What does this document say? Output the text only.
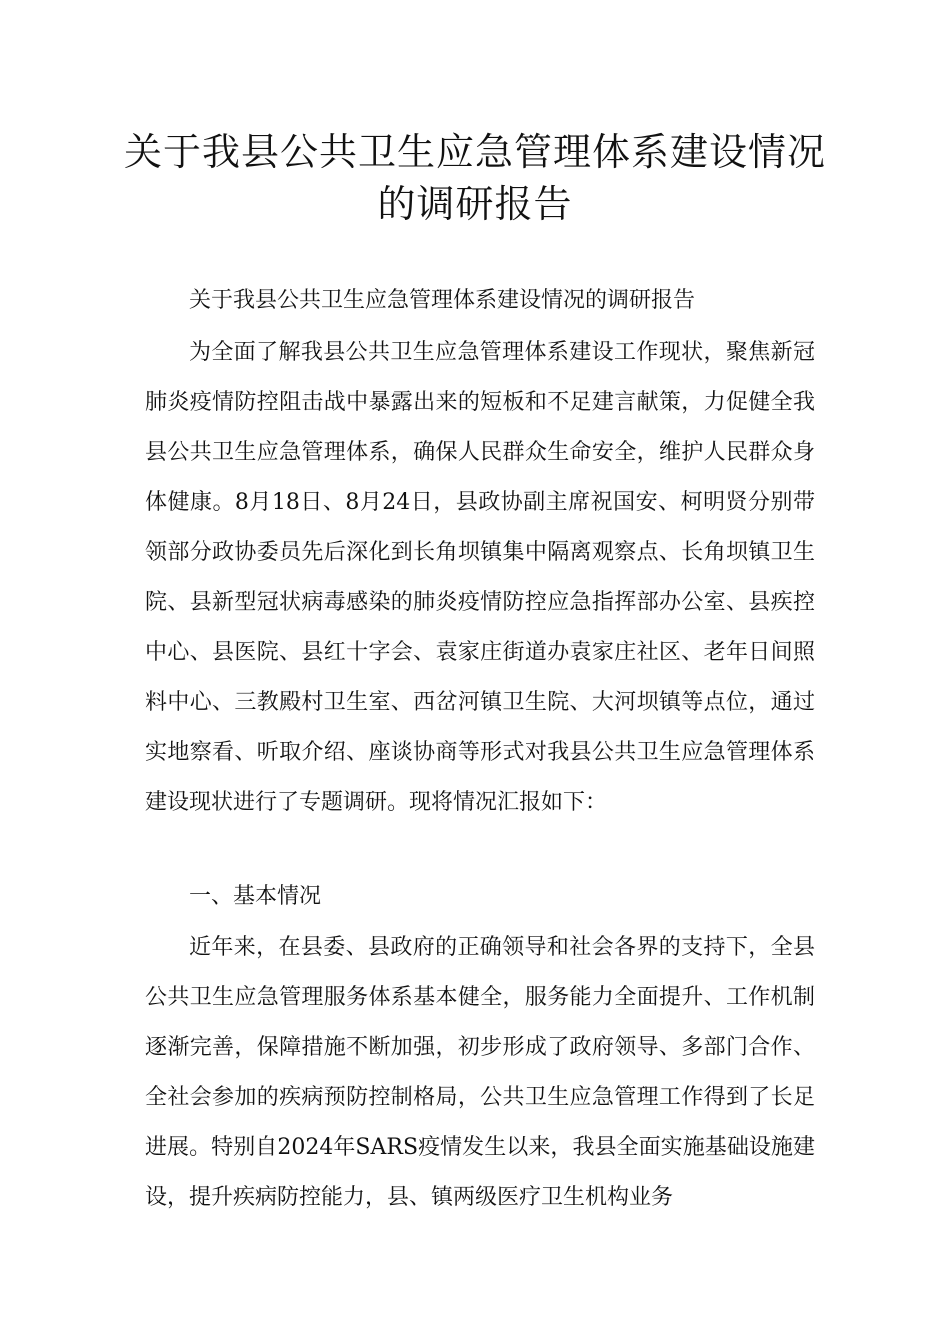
关于我县公共卫生应急管理体系建设情况的调研报告

关于我县公共卫生应急管理体系建设情况的调研报告

为全面了解我县公共卫生应急管理体系建设工作现状，聚焦新冠肺炎疫情防控阻击战中暴露出来的短板和不足建言献策，力促健全我县公共卫生应急管理体系，确保人民群众生命安全，维护人民群众身体健康。8月18日、8月24日，县政协副主席祝国安、柯明贤分别带领部分政协委员先后深化到长角坝镇集中隔离观察点、长角坝镇卫生院、县新型冠状病毒感染的肺炎疫情防控应急指挥部办公室、县疾控中心、县医院、县红十字会、袁家庄街道办袁家庄社区、老年日间照料中心、三教殿村卫生室、西岔河镇卫生院、大河坝镇等点位，通过实地察看、听取介绍、座谈协商等形式对我县公共卫生应急管理体系建设现状进行了专题调研。现将情况汇报如下：

一、基本情况

近年来，在县委、县政府的正确领导和社会各界的支持下，全县公共卫生应急管理服务体系基本健全，服务能力全面提升、工作机制逐渐完善，保障措施不断加强，初步形成了政府领导、多部门合作、全社会参加的疾病预防控制格局，公共卫生应急管理工作得到了长足进展。特别自2024年SARS疫情发生以来，我县全面实施基础设施建设，提升疾病防控能力，县、镇两级医疗卫生机构业务
